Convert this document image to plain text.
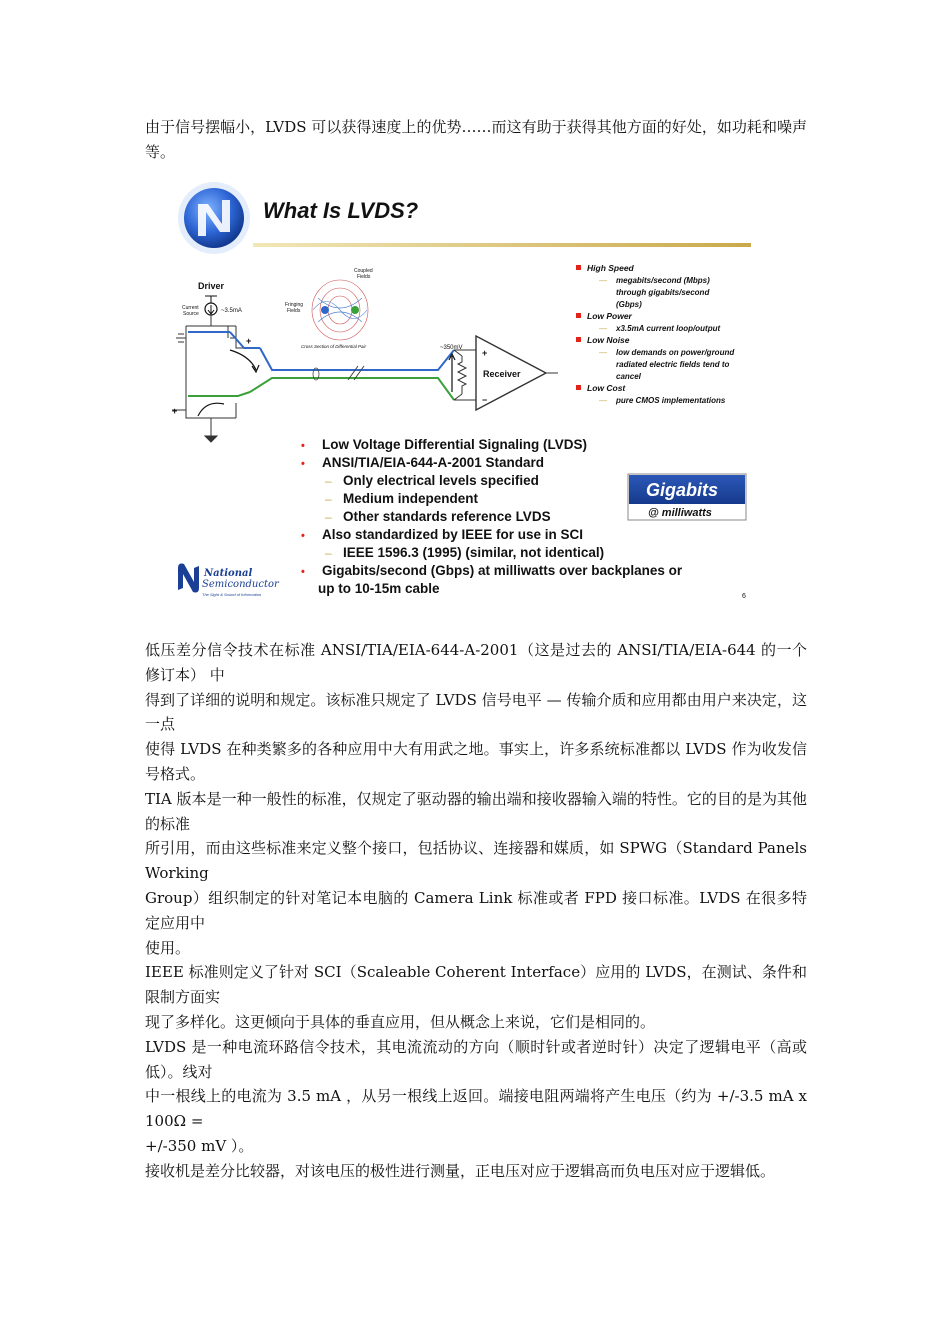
由于信号摆幅小，LVDS 可以获得速度上的优势……而这有助于获得其他方面的好处，如功耗和噪声等。

What Is LVDS?
Driver
Current
Source	~3.5mA
+
+
Coupled
Fields
Fringing
Fields
Cross Section of Differential Pair	~350mV +
−
Receiver
High Speed
— megabits/second (Mbps)
through gigabits/second
(Gbps)
Low Power
— x3.5mA current loop/output
Low Noise
— low demands on power/ground
radiated electric fields tend to
cancel
Low Cost
— pure CMOS implementations
• Low Voltage Differential Signaling (LVDS)
• ANSI/TIA/EIA-644-A-2001 Standard
– Only electrical levels specified
– Medium independent
– Other standards reference LVDS
• Also standardized by IEEE for use in SCI
– IEEE 1596.3 (1995) (similar, not identical)
• Gigabits/second (Gbps) at milliwatts over backplanes or
up to 10-15m cable
Gigabits
@ milliwatts
National
Semiconductor
The Sight & Sound of Information	6
低压差分信令技术在标准 ANSI/TIA/EIA-644-A-2001（这是过去的 ANSI/TIA/EIA-644 的一个修订本） 中
得到了详细的说明和规定。该标准只规定了 LVDS 信号电平 — 传输介质和应用都由用户来决定，这一点
使得 LVDS 在种类繁多的各种应用中大有用武之地。事实上，许多系统标准都以 LVDS 作为收发信号格式。
TIA 版本是一种一般性的标准，仅规定了驱动器的输出端和接收器输入端的特性。它的目的是为其他的标准
所引用，而由这些标准来定义整个接口，包括协议、连接器和媒质，如 SPWG（Standard Panels Working
Group）组织制定的针对笔记本电脑的 Camera Link 标准或者 FPD 接口标准。LVDS 在很多特定应用中
使用。
IEEE 标准则定义了针对 SCI（Scaleable Coherent Interface）应用的 LVDS，在测试、条件和限制方面实
现了多样化。这更倾向于具体的垂直应用，但从概念上来说，它们是相同的。
LVDS 是一种电流环路信令技术，其电流流动的方向（顺时针或者逆时针）决定了逻辑电平（高或低）。线对
中一根线上的电流为 3.5 mA ，从另一根线上返回。端接电阻两端将产生电压（约为 +/-3.5 mA x 100Ω =
+/-350 mV ）。
接收机是差分比较器，对该电压的极性进行测量，正电压对应于逻辑高而负电压对应于逻辑低。
